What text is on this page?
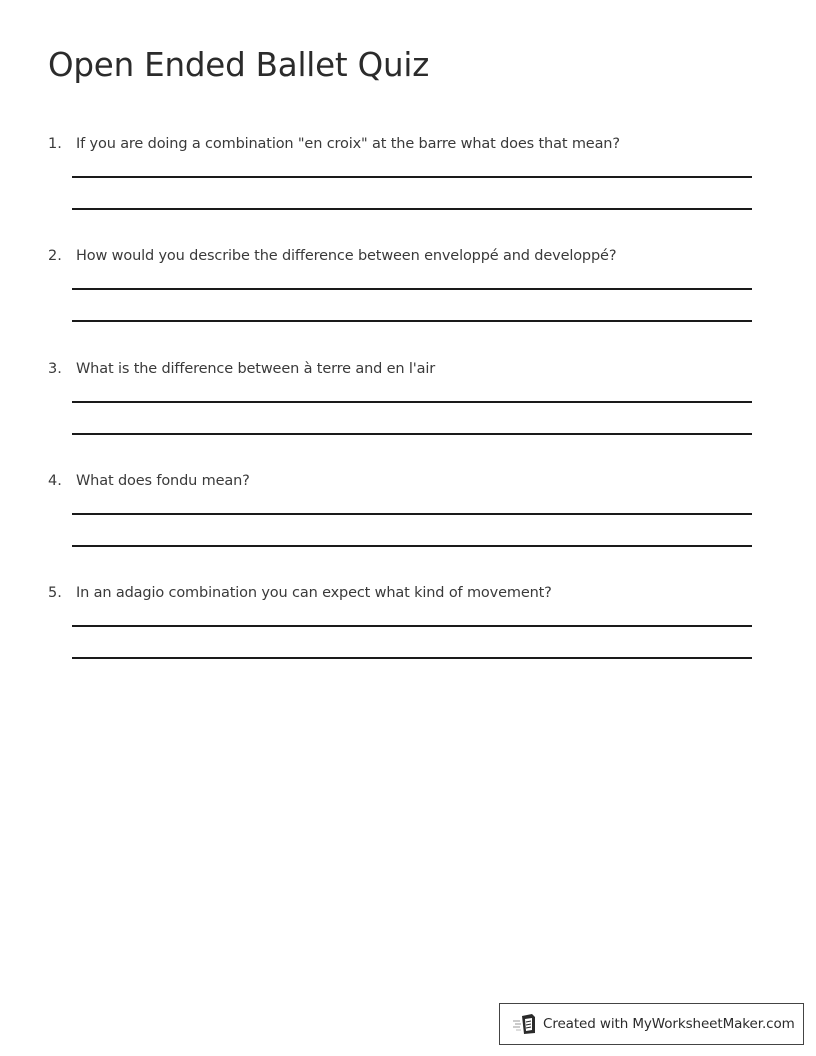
Open Ended Ballet Quiz
1. If you are doing a combination "en croix" at the barre what does that mean?
2. How would you describe the difference between enveloppé and developpé?
3. What is the difference between à terre and en l'air
4. What does fondu mean?
5. In an adagio combination you can expect what kind of movement?
Created with MyWorksheetMaker.com
